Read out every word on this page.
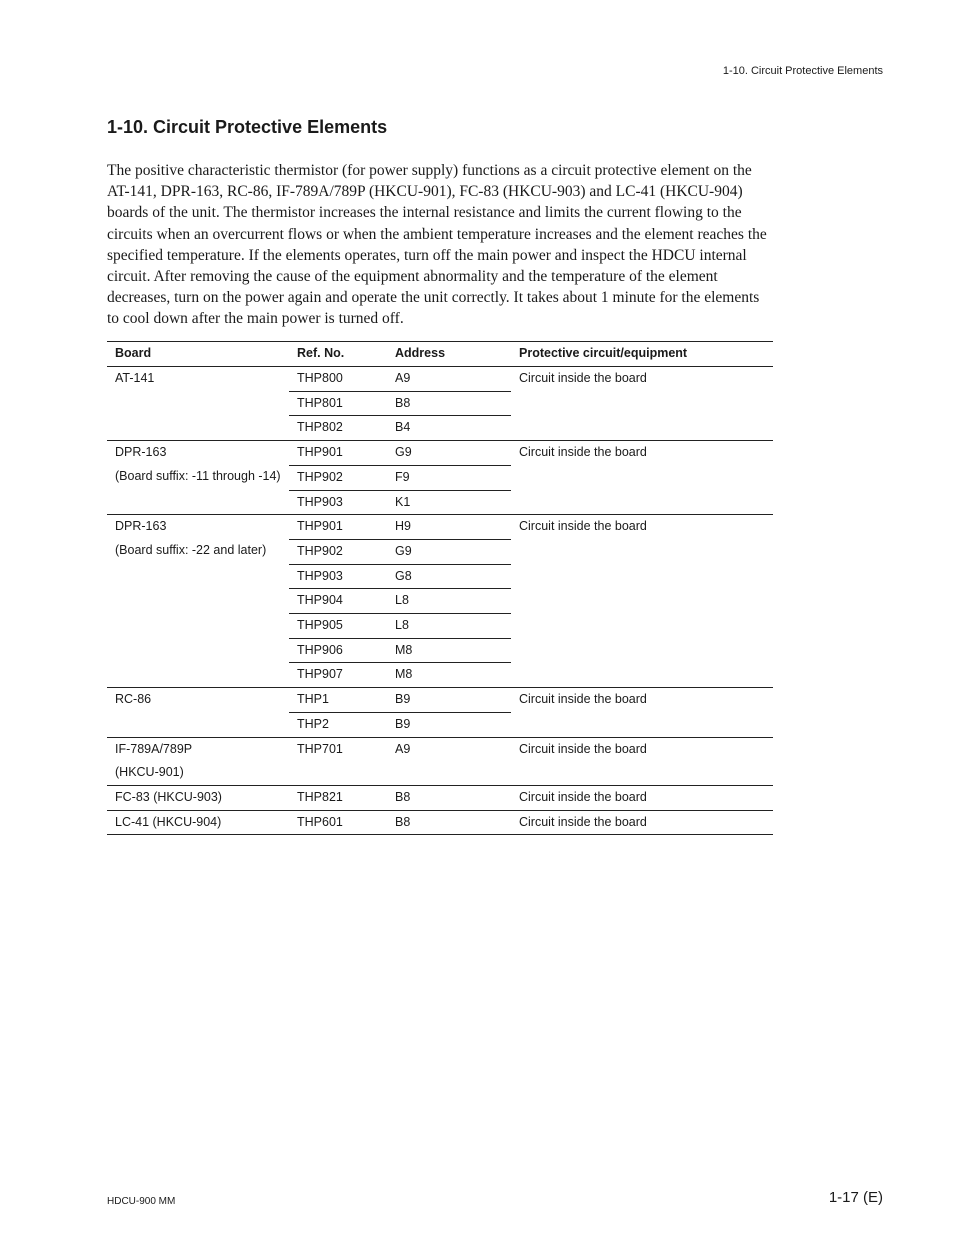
1-10. Circuit Protective Elements
1-10. Circuit Protective Elements

The positive characteristic thermistor (for power supply) functions as a circuit protective element on the AT-141, DPR-163, RC-86, IF-789A/789P (HKCU-901), FC-83 (HKCU-903) and LC-41 (HKCU-904) boards of the unit. The thermistor increases the internal resistance and limits the current flowing to the circuits when an overcurrent flows or when the ambient temperature increases and the element reaches the specified temperature. If the elements operates, turn off the main power and inspect the HDCU internal circuit. After removing the cause of the equipment abnormality and the temperature of the element decreases, turn on the power again and operate the unit correctly. It takes about 1 minute for the elements to cool down after the main power is turned off.

Board	Ref. No.	Address	Protective circuit/equipment

AT-141	THP800	A9	Circuit inside the board
	THP801	B8	
	THP802	B4	

DPR-163
(Board suffix: -11 through -14)	THP901	G9	Circuit inside the board
	THP902	F9	
	THP903	K1	

DPR-163
(Board suffix: -22 and later)	THP901	H9	Circuit inside the board
	THP902	G9	
	THP903	G8	
	THP904	L8	
	THP905	L8	
	THP906	M8	
	THP907	M8	

RC-86	THP1	B9	Circuit inside the board
	THP2	B9	

IF-789A/789P
(HKCU-901)	THP701	A9	Circuit inside the board

FC-83 (HKCU-903)	THP821	B8	Circuit inside the board

LC-41 (HKCU-904)	THP601	B8	Circuit inside the board
HDCU-900 MM	1-17 (E)
